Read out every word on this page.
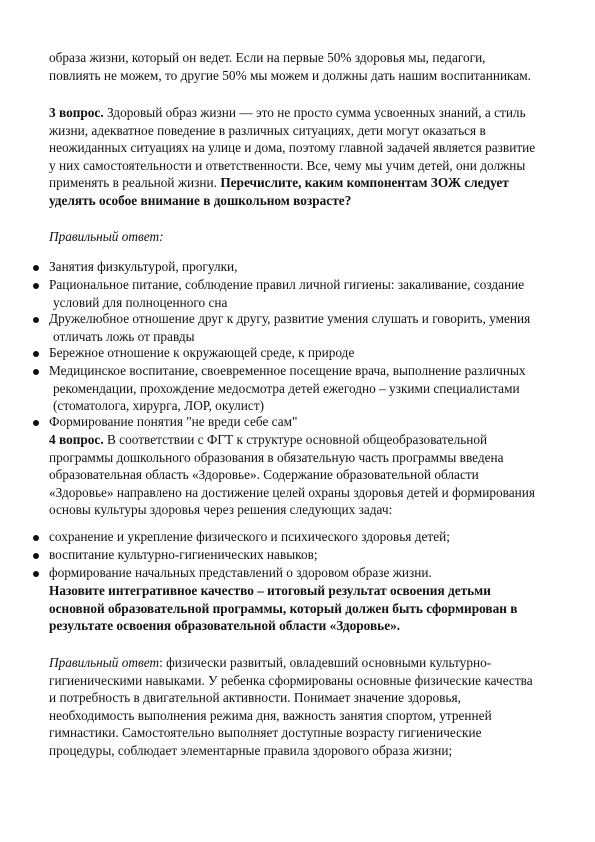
образа жизни, который он ведет. Если на первые 50% здоровья мы, педагоги,
повлиять не можем, то другие 50% мы можем и должны дать нашим воспитанникам.
3 вопрос. Здоровый образ жизни — это не просто сумма усвоенных знаний, а стиль
жизни, адекватное поведение в различных ситуациях, дети могут оказаться в
неожиданных ситуациях на улице и дома, поэтому главной задачей является развитие
у них самостоятельности и ответственности. Все, чему мы учим детей, они должны
применять в реальной жизни. Перечислите, каким компонентам ЗОЖ следует
уделять особое внимание в дошкольном возрасте?
Правильный ответ:
Занятия физкультурой, прогулки,
Рациональное питание, соблюдение правил личной гигиены: закаливание, создание
условий для полноценного сна
Дружелюбное отношение друг к другу, развитие умения слушать и говорить, умения
отличать ложь от правды
Бережное отношение к окружающей среде, к природе
Медицинское воспитание, своевременное посещение врача, выполнение различных
рекомендации, прохождение медосмотра детей ежегодно – узкими специалистами
(стоматолога, хирурга, ЛОР, окулист)
Формирование понятия "не вреди себе сам"
4 вопрос. В соответствии с ФГТ к структуре основной общеобразовательной
программы дошкольного образования в обязательную часть программы введена
образовательная область «Здоровье». Содержание образовательной области
«Здоровье» направлено на достижение целей охраны здоровья детей и формирования
основы культуры здоровья через решения следующих задач:
сохранение и укрепление физического и психического здоровья детей;
воспитание культурно-гигиенических навыков;
формирование начальных представлений о здоровом образе жизни.
Назовите интегративное качество – итоговый результат освоения детьми
основной образовательной программы, который должен быть сформирован в
результате освоения образовательной области «Здоровье».
Правильный ответ: физически развитый, овладевший основными культурно-
гигиеническими навыками. У ребенка сформированы основные физические качества
и потребность в двигательной активности. Понимает значение здоровья,
необходимость выполнения режима дня, важность занятия спортом, утренней
гимнастики. Самостоятельно выполняет доступные возрасту гигиенические
процедуры, соблюдает элементарные правила здорового образа жизни;
